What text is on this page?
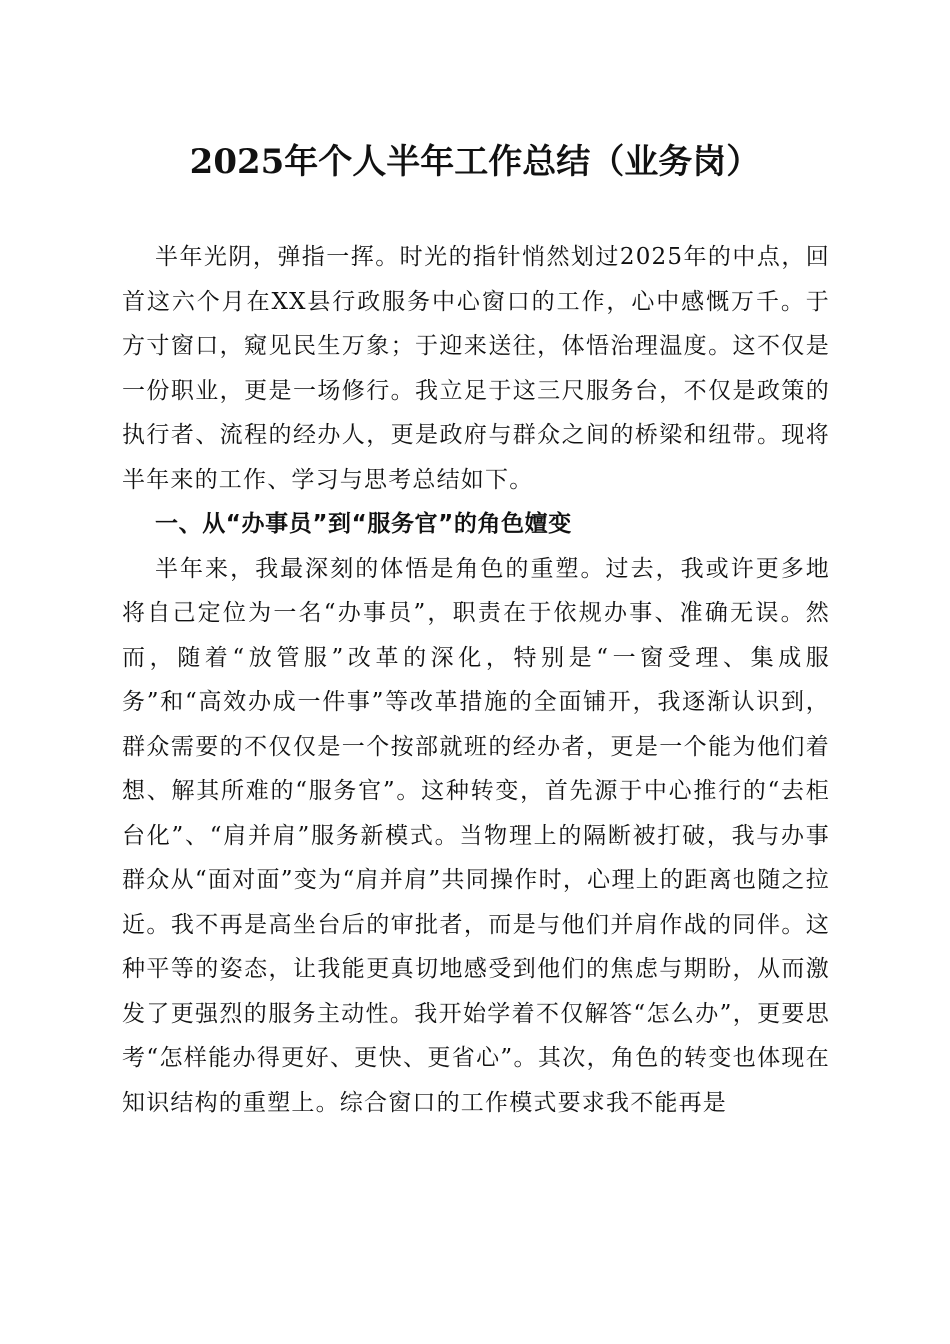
2025年个人半年工作总结（业务岗）

半年光阴，弹指一挥。时光的指针悄然划过2025年的中点，回首这六个月在XX县行政服务中心窗口的工作，心中感慨万千。于方寸窗口，窥见民生万象；于迎来送往，体悟治理温度。这不仅是一份职业，更是一场修行。我立足于这三尺服务台，不仅是政策的执行者、流程的经办人，更是政府与群众之间的桥梁和纽带。现将半年来的工作、学习与思考总结如下。

一、从“办事员”到“服务官”的角色嬗变

半年来，我最深刻的体悟是角色的重塑。过去，我或许更多地将自己定位为一名“办事员”，职责在于依规办事、准确无误。然而，随着“放管服”改革的深化，特别是“一窗受理、集成服务”和“高效办成一件事”等改革措施的全面铺开，我逐渐认识到，群众需要的不仅仅是一个按部就班的经办者，更是一个能为他们着想、解其所难的“服务官”。这种转变，首先源于中心推行的“去柜台化”、“肩并肩”服务新模式。当物理上的隔断被打破，我与办事群众从“面对面”变为“肩并肩”共同操作时，心理上的距离也随之拉近。我不再是高坐台后的审批者，而是与他们并肩作战的同伴。这种平等的姿态，让我能更真切地感受到他们的焦虑与期盼，从而激发了更强烈的服务主动性。我开始学着不仅解答“怎么办”，更要思考“怎样能办得更好、更快、更省心”。其次，角色的转变也体现在知识结构的重塑上。综合窗口的工作模式要求我不能再是
